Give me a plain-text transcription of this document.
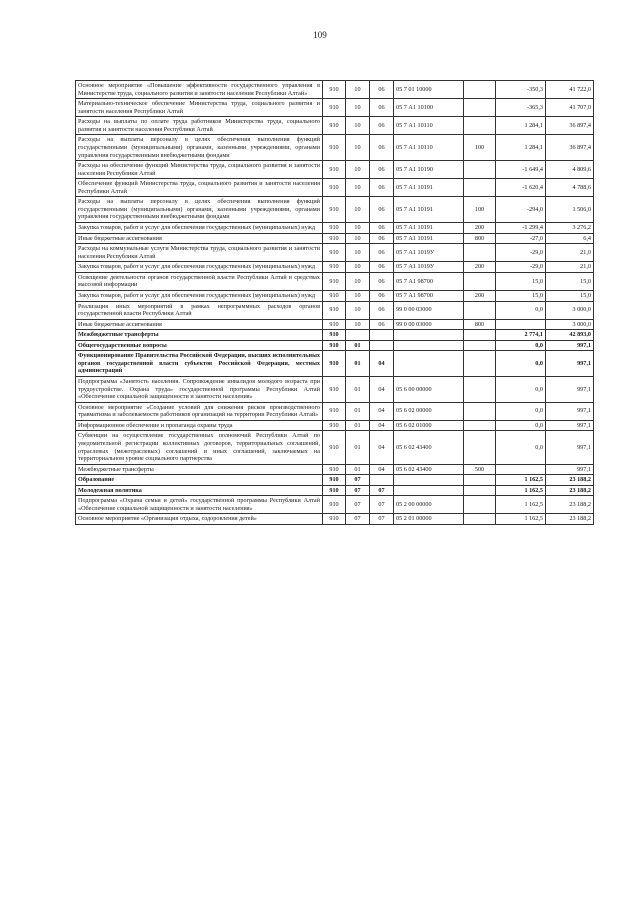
109
Основное мероприятие «Повышение эффективности государственного управления в Министерстве труда, социального развития и занятости населения Республики Алтай»	910	10	06	05 7 01 10000		-350,3	41 722,0
Материально-техническое обеспечение Министерства труда, социального развития и занятости населения Республики Алтай	910	10	06	05 7 А1 10100		-365,3	41 707,0
Расходы на выплаты по оплате труда работников Министерства труда, социального развития и занятости населения Республики Алтай	910	10	06	05 7 А1 10110		1 284,1	36 897,4
Расходы на выплаты персоналу в целях обеспечения выполнения функций государственными (муниципальными) органами, казенными учреждениями, органами управления государственными внебюджетными фондами	910	10	06	05 7 А1 10110	100	1 284,1	36 897,4
Расходы на обеспечение функций Министерства труда, социального развития и занятости населения Республики Алтай	910	10	06	05 7 А1 10190		-1 649,4	4 809,6
Обеспечение функций Министерства труда, социального развития и занятости населения Республики Алтай	910	10	06	05 7 А1 10191		-1 620,4	4 788,6
Расходы на выплаты персоналу в целях обеспечения выполнения функций государственными (муниципальными) органами, казенными учреждениями, органами управления государственными внебюджетными фондами	910	10	06	05 7 А1 10191	100	-294,0	1 506,0
Закупка товаров, работ и услуг для обеспечения государственных (муниципальных) нужд	910	10	06	05 7 А1 10191	200	-1 299,4	3 276,2
Иные бюджетные ассигнования	910	10	06	05 7 А1 10191	800	-27,0	6,4
Расходы на коммунальные услуги Министерства труда, социального развития и занятости населения Республики Алтай	910	10	06	05 7 А1 1019У		-29,0	21,0
Закупка товаров, работ и услуг для обеспечения государственных (муниципальных) нужд	910	10	06	05 7 А1 1019У	200	-29,0	21,0
Освещение деятельности органов государственной власти Республики Алтай в средствах массовой информации	910	10	06	05 7 А1 98700		15,0	15,0
Закупка товаров, работ и услуг для обеспечения государственных (муниципальных) нужд	910	10	06	05 7 А1 98700	200	15,0	15,0
Реализация иных мероприятий в рамках непрограммных расходов органов государственной власти Республики Алтай	910	10	06	99 0 00 03000		0,0	3 000,0
Иные бюджетные ассигнования	910	10	06	99 0 00 03000	800		3 000,0
Межбюджетные трансферты	910					2 774,1	42 893,0
Общегосударственные вопросы	910	01				0,0	997,1
Функционирование Правительства Российской Федерации, высших исполнительных органов государственной власти субъектов Российской Федерации, местных администраций	910	01	04			0,0	997,1
Подпрограмма «Занятость населения. Сопровождение инвалидов молодого возраста при трудоустройстве. Охрана труда» государственной программы Республики Алтай «Обеспечение социальной защищенности и занятости населения»	910	01	04	05 6 00 00000		0,0	997,1
Основное мероприятие «Создание условий для снижения рисков производственного травматизма и заболеваемости работников организаций на территории Республики Алтай»	910	01	04	05 6 02 00000		0,0	997,1
Информационное обеспечение и пропаганда охраны труда	910	01	04	05 6 02 01000		0,0	997,1
Субвенции на осуществление государственных полномочий Республики Алтай по уведомительной регистрации коллективных договоров, территориальных соглашений, отраслевых (межотраслевых) соглашений и иных соглашений, заключаемых на территориальном уровне социального партнерства	910	01	04	05 6 02 43400		0,0	997,1
Межбюджетные трансферты	910	01	04	05 6 02 43400	500		997,1
Образование	910	07				1 162,5	23 188,2
Молодежная политика	910	07	07			1 162,5	23 188,2
Подпрограмма «Охрана семьи и детей» государственной программы Республики Алтай «Обеспечение социальной защищенности и занятости населения»	910	07	07	05 2 00 00000		1 162,5	23 188,2
Основное мероприятие «Организация отдыха, оздоровления детей»	910	07	07	05 2 01 00000		1 162,5	23 188,2
